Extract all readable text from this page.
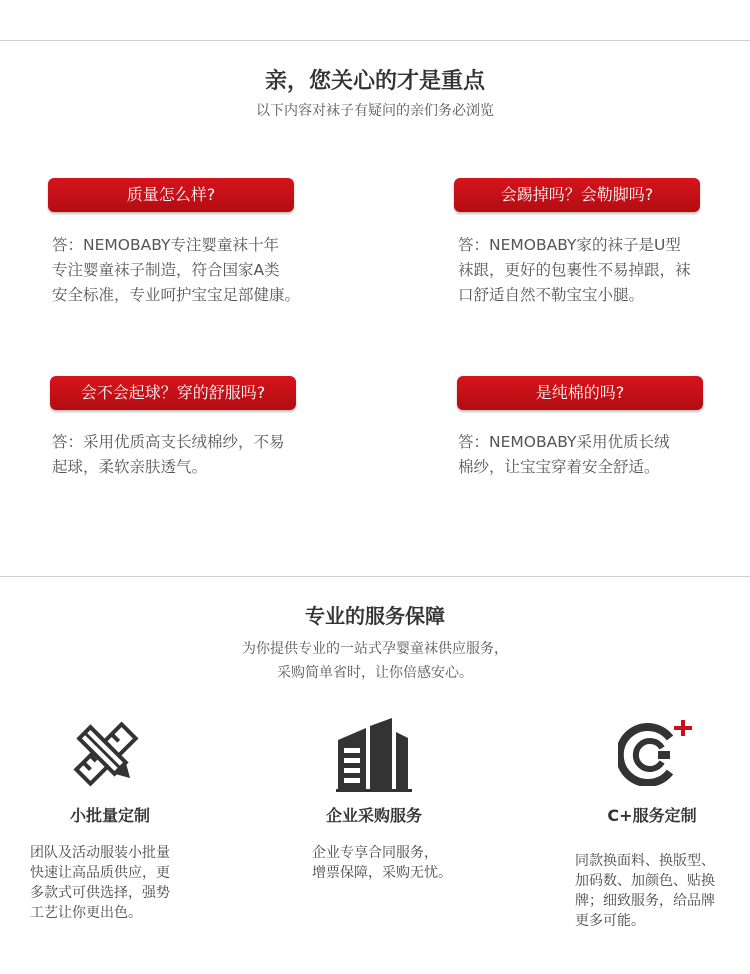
亲，您关心的才是重点
以下内容对袜子有疑问的亲们务必浏览
质量怎么样?
答：NEMOBABY专注婴童袜十年
专注婴童袜子制造，符合国家A类
安全标准，专业呵护宝宝足部健康。
会踢掉吗？会勒脚吗?
答：NEMOBABY家的袜子是U型
袜跟，更好的包裹性不易掉跟，袜
口舒适自然不勒宝宝小腿。
会不会起球？穿的舒服吗?
答：采用优质高支长绒棉纱，不易
起球，柔软亲肤透气。
是纯棉的吗?
答：NEMOBABY采用优质长绒
棉纱，让宝宝穿着安全舒适。
专业的服务保障
为你提供专业的一站式孕婴童袜供应服务，
采购简单省时，让你倍感安心。
小批量定制
团队及活动服装小批量
快速让高品质供应，更
多款式可供选择，强势
工艺让你更出色。
企业采购服务
企业专享合同服务，
增票保障，采购无忧。
C+服务定制
同款换面料、换版型、
加码数、加颜色、贴换
牌；细致服务，给品牌
更多可能。
